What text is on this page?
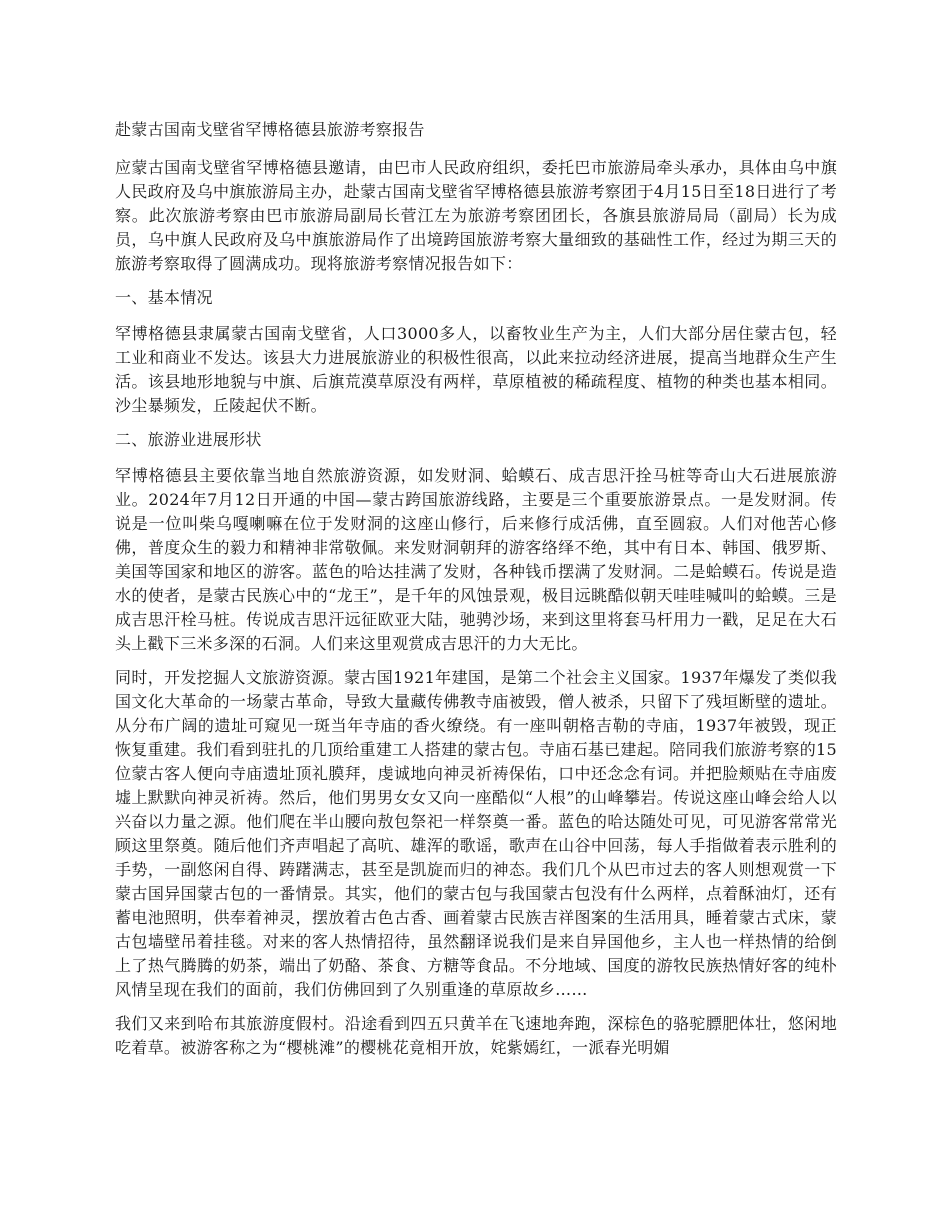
赴蒙古国南戈壁省罕博格德县旅游考察报告

应蒙古国南戈壁省罕博格德县邀请，由巴市人民政府组织，委托巴市旅游局牵头承办，具体由乌中旗人民政府及乌中旗旅游局主办，赴蒙古国南戈壁省罕博格德县旅游考察团于4月15日至18日进行了考察。此次旅游考察由巴市旅游局副局长菅江左为旅游考察团团长，各旗县旅游局局（副局）长为成员，乌中旗人民政府及乌中旗旅游局作了出境跨国旅游考察大量细致的基础性工作，经过为期三天的旅游考察取得了圆满成功。现将旅游考察情况报告如下：

一、基本情况

罕博格德县隶属蒙古国南戈壁省，人口3000多人，以畜牧业生产为主，人们大部分居住蒙古包，轻工业和商业不发达。该县大力进展旅游业的积极性很高，以此来拉动经济进展，提高当地群众生产生活。该县地形地貌与中旗、后旗荒漠草原没有两样，草原植被的稀疏程度、植物的种类也基本相同。沙尘暴频发，丘陵起伏不断。

二、旅游业进展形状

罕博格德县主要依靠当地自然旅游资源，如发财洞、蛤蟆石、成吉思汗拴马桩等奇山大石进展旅游业。2024年7月12日开通的中国—蒙古跨国旅游线路，主要是三个重要旅游景点。一是发财洞。传说是一位叫柴乌嘎喇嘛在位于发财洞的这座山修行，后来修行成活佛，直至圆寂。人们对他苦心修佛，普度众生的毅力和精神非常敬佩。来发财洞朝拜的游客络绎不绝，其中有日本、韩国、俄罗斯、美国等国家和地区的游客。蓝色的哈达挂满了发财，各种钱币摆满了发财洞。二是蛤蟆石。传说是造水的使者，是蒙古民族心中的“龙王”，是千年的风蚀景观，极目远眺酷似朝天哇哇喊叫的蛤蟆。三是成吉思汗栓马桩。传说成吉思汗远征欧亚大陆，驰骋沙场，来到这里将套马杆用力一戳，足足在大石头上戳下三米多深的石洞。人们来这里观赏成吉思汗的力大无比。

同时，开发挖掘人文旅游资源。蒙古国1921年建国，是第二个社会主义国家。1937年爆发了类似我国文化大革命的一场蒙古革命，导致大量藏传佛教寺庙被毁，僧人被杀，只留下了残垣断壁的遗址。从分布广阔的遗址可窥见一斑当年寺庙的香火缭绕。有一座叫朝格吉勒的寺庙，1937年被毁，现正恢复重建。我们看到驻扎的几顶给重建工人搭建的蒙古包。寺庙石基已建起。陪同我们旅游考察的15位蒙古客人便向寺庙遗址顶礼膜拜，虔诚地向神灵祈祷保佑，口中还念念有词。并把脸颊贴在寺庙废墟上默默向神灵祈祷。然后，他们男男女女又向一座酷似“人根”的山峰攀岩。传说这座山峰会给人以兴奋以力量之源。他们爬在半山腰向敖包祭祀一样祭奠一番。蓝色的哈达随处可见，可见游客常常光顾这里祭奠。随后他们齐声唱起了高吭、雄浑的歌谣，歌声在山谷中回荡，每人手指做着表示胜利的手势，一副悠闲自得、踌躇满志，甚至是凯旋而归的神态。我们几个从巴市过去的客人则想观赏一下蒙古国异国蒙古包的一番情景。其实，他们的蒙古包与我国蒙古包没有什么两样，点着酥油灯，还有蓄电池照明，供奉着神灵，摆放着古色古香、画着蒙古民族吉祥图案的生活用具，睡着蒙古式床，蒙古包墙壁吊着挂毯。对来的客人热情招待，虽然翻译说我们是来自异国他乡，主人也一样热情的给倒上了热气腾腾的奶茶，端出了奶酪、茶食、方糖等食品。不分地域、国度的游牧民族热情好客的纯朴风情呈现在我们的面前，我们仿佛回到了久别重逢的草原故乡……

我们又来到哈布其旅游度假村。沿途看到四五只黄羊在飞速地奔跑，深棕色的骆驼膘肥体壮，悠闲地吃着草。被游客称之为“樱桃滩”的樱桃花竟相开放，姹紫嫣红，一派春光明媚
